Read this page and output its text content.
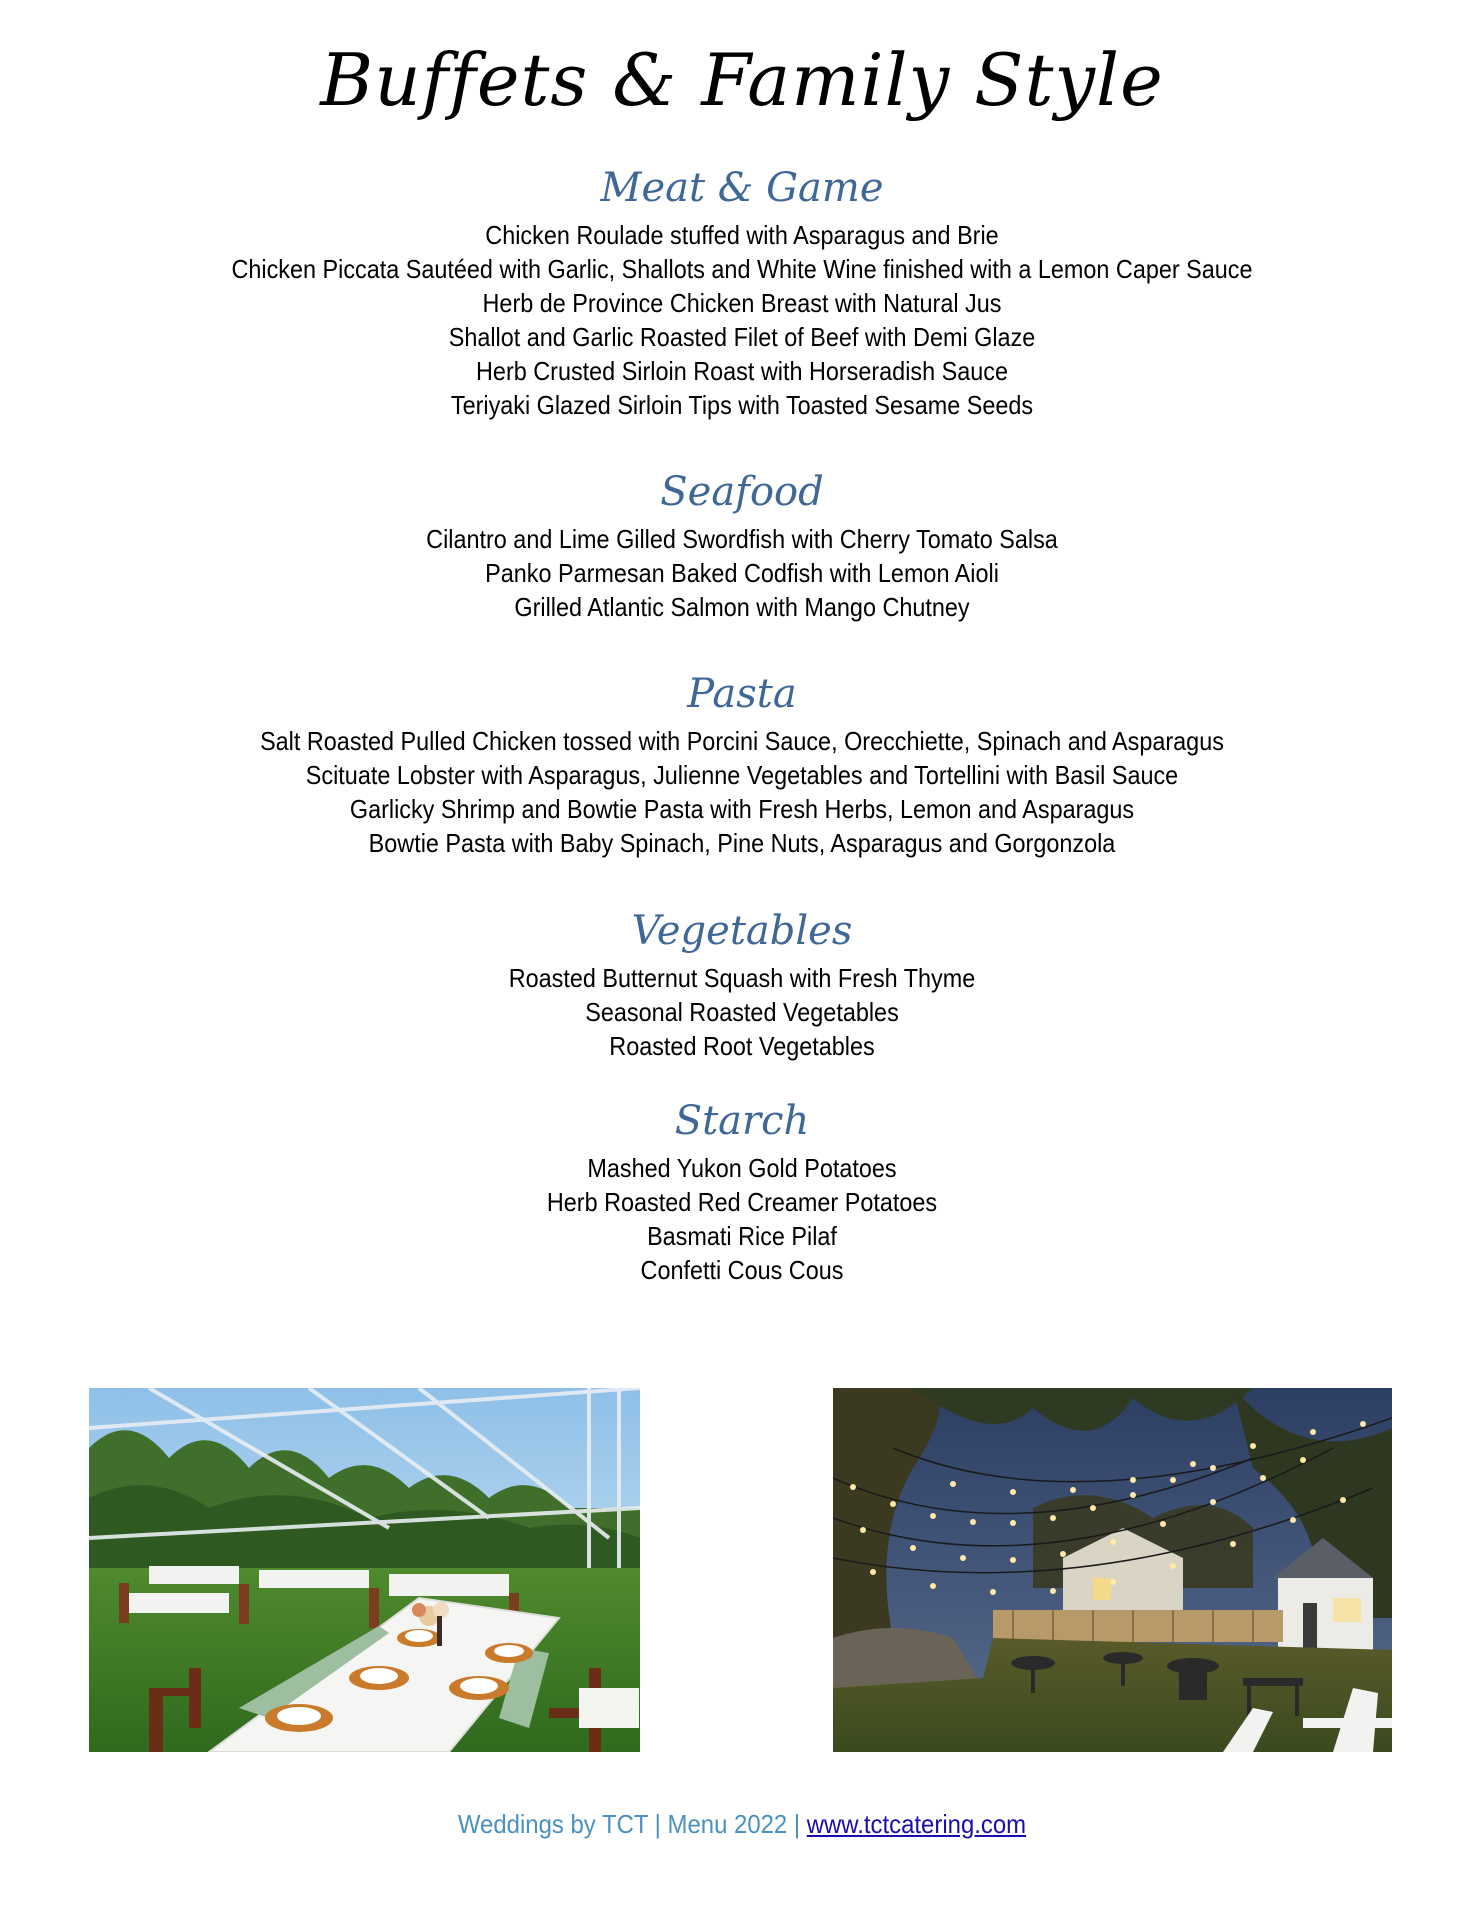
Buffets & Family Style
Meat & Game
Chicken Roulade stuffed with Asparagus and Brie
Chicken Piccata Sautéed with Garlic, Shallots and White Wine finished with a Lemon Caper Sauce
Herb de Province Chicken Breast with Natural Jus
Shallot and Garlic Roasted Filet of Beef with Demi Glaze
Herb Crusted Sirloin Roast with Horseradish Sauce
Teriyaki Glazed Sirloin Tips with Toasted Sesame Seeds
Seafood
Cilantro and Lime Gilled Swordfish with Cherry Tomato Salsa
Panko Parmesan Baked Codfish with Lemon Aioli
Grilled Atlantic Salmon with Mango Chutney
Pasta
Salt Roasted Pulled Chicken tossed with Porcini Sauce, Orecchiette, Spinach and Asparagus
Scituate Lobster with Asparagus, Julienne Vegetables and Tortellini with Basil Sauce
Garlicky Shrimp and Bowtie Pasta with Fresh Herbs, Lemon and Asparagus
Bowtie Pasta with Baby Spinach, Pine Nuts, Asparagus and Gorgonzola
Vegetables
Roasted Butternut Squash with Fresh Thyme
Seasonal Roasted Vegetables
Roasted Root Vegetables
Starch
Mashed Yukon Gold Potatoes
Herb Roasted Red Creamer Potatoes
Basmati Rice Pilaf
Confetti Cous Cous
Weddings by TCT | Menu 2022 | www.tctcatering.com
